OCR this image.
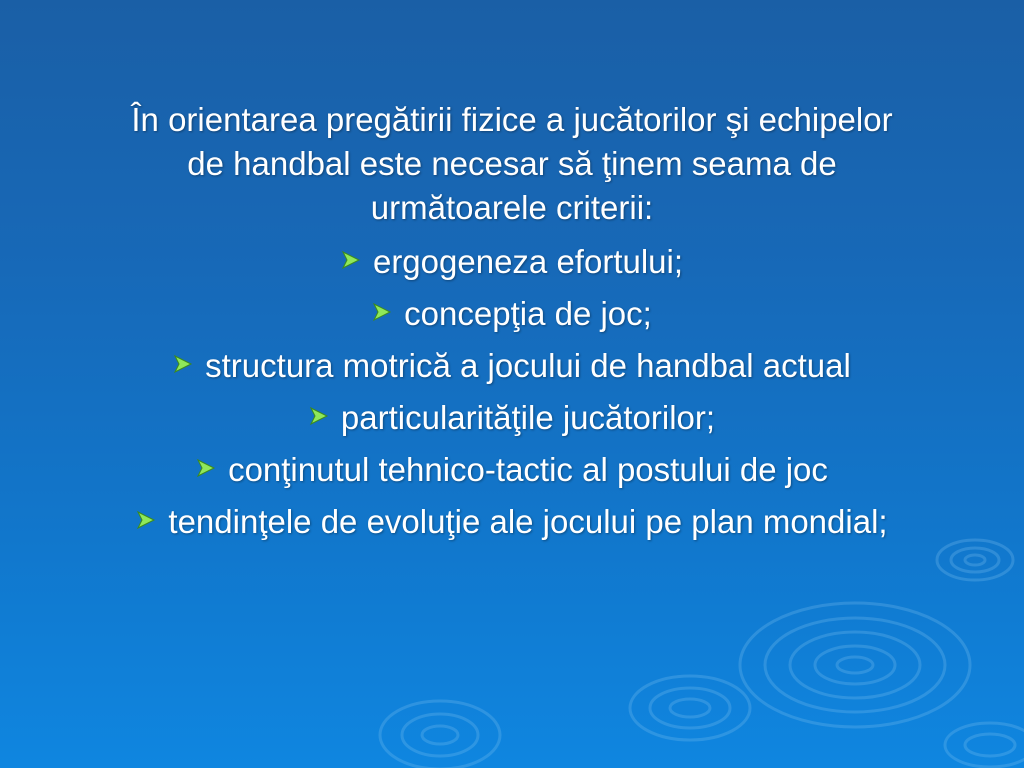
În orientarea pregătirii fizice a jucătorilor şi echipelor
de handbal este necesar să ţinem seama de
următoarele criterii:

ergogeneza efortului;
concepţia de joc;
structura motrică a jocului de handbal actual
particularităţile jucătorilor;
conţinutul tehnico-tactic al postului de joc
tendinţele de evoluţie ale jocului pe plan mondial;
